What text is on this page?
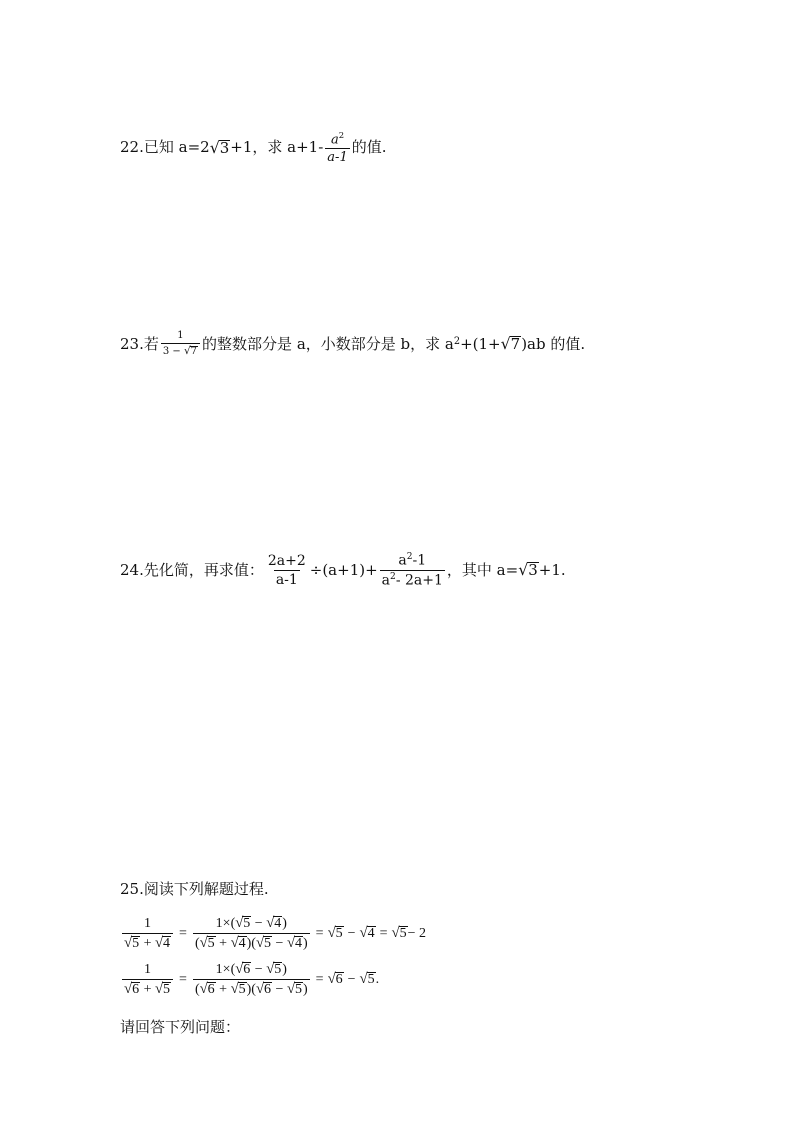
22.已知 a=2 √ 3 +1，求 $a+1- \frac{a^2}{a-1}$ 的值.
23.若 $\frac{1}{3 - √ 7}$ 的整数部分是 a，小数部分是 b，求 a 2 +(1+ √ 7 )ab 的值.
24.先化简，再求值： $\frac{2a+2}{a-1} \div(a+1)+ \frac{a^2-1}{a^2- 2a+1}$ ，其中 a= √ 3 +1.
25.阅读下列解题过程.
$\frac{1}{√ 5 + √ 4} = \frac{1\times( √ 5 - √ 4 )}{( √ 5 + √ 4 )( √ 5 - √ 4 )}$ = √ 5 − √ 4 = √ 5 − 2
$\frac{1}{√ 6 + √ 5} = \frac{1\times( √ 6 - √ 5 )}{( √ 6 + √ 5 )( √ 6 - √ 5 )}$ = √ 6 − √ 5 .
请回答下列问题：
